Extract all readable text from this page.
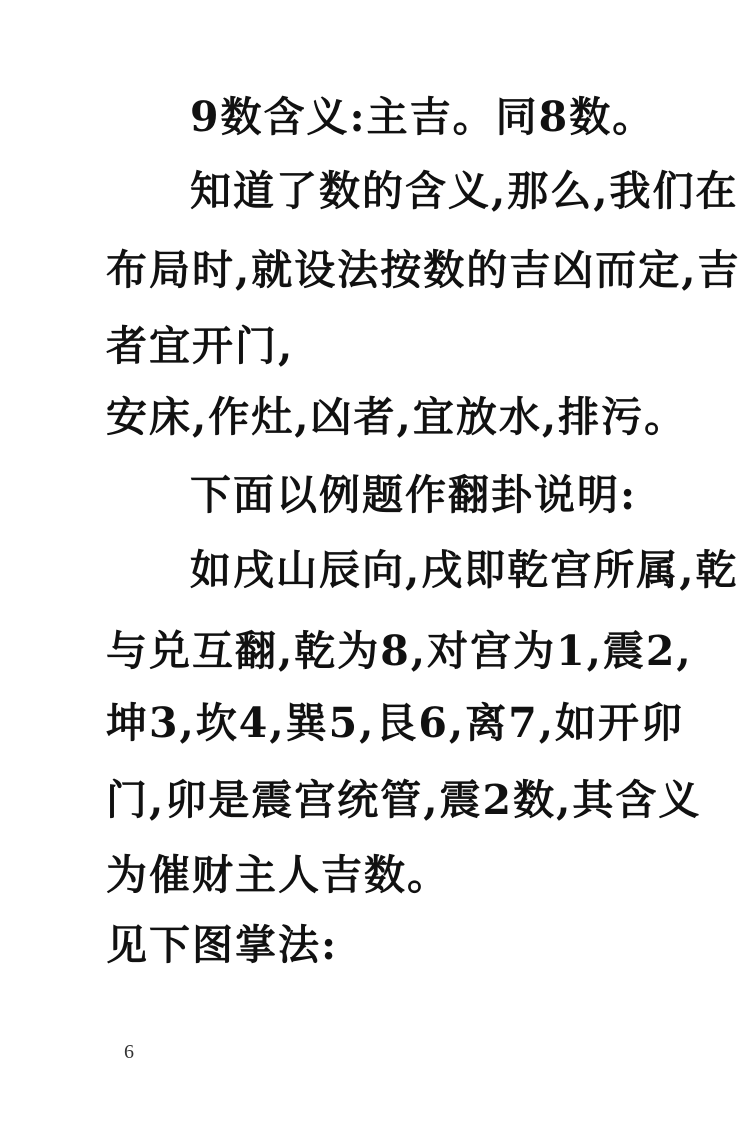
9数含义:主吉。同8数。
知道了数的含义,那么,我们在
布局时,就设法按数的吉凶而定,吉
者宜开门,
安床,作灶,凶者,宜放水,排污。
下面以例题作翻卦说明:
如戌山辰向,戌即乾宫所属,乾
与兑互翻,乾为8,对宫为1,震2,
坤3,坎4,巽5,艮6,离7,如开卯
门,卯是震宫统管,震2数,其含义
为催财主人吉数。
见下图掌法:
6
